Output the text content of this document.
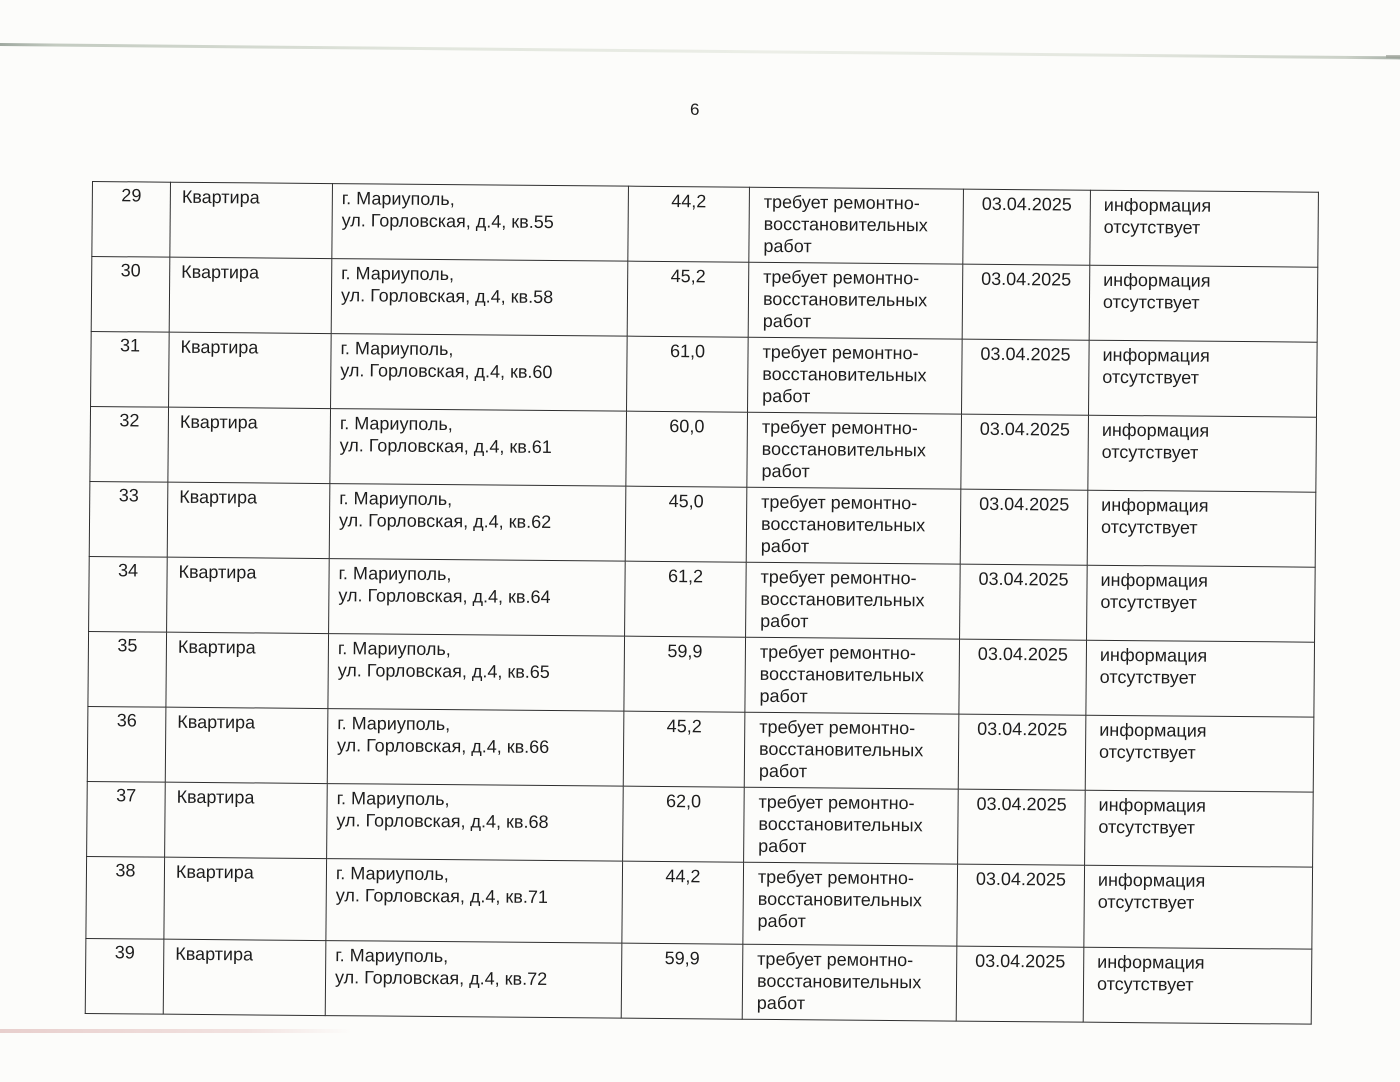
6
29	Квартира	г. Мариуполь,
ул. Горловская, д.4, кв.55	44,2	требует ремонтно-
восстановительных
работ	03.04.2025	информация
отсутствует

30	Квартира	г. Мариуполь,
ул. Горловская, д.4, кв.58	45,2	требует ремонтно-
восстановительных
работ	03.04.2025	информация
отсутствует

31	Квартира	г. Мариуполь,
ул. Горловская, д.4, кв.60	61,0	требует ремонтно-
восстановительных
работ	03.04.2025	информация
отсутствует

32	Квартира	г. Мариуполь,
ул. Горловская, д.4, кв.61	60,0	требует ремонтно-
восстановительных
работ	03.04.2025	информация
отсутствует

33	Квартира	г. Мариуполь,
ул. Горловская, д.4, кв.62	45,0	требует ремонтно-
восстановительных
работ	03.04.2025	информация
отсутствует

34	Квартира	г. Мариуполь,
ул. Горловская, д.4, кв.64	61,2	требует ремонтно-
восстановительных
работ	03.04.2025	информация
отсутствует

35	Квартира	г. Мариуполь,
ул. Горловская, д.4, кв.65	59,9	требует ремонтно-
восстановительных
работ	03.04.2025	информация
отсутствует

36	Квартира	г. Мариуполь,
ул. Горловская, д.4, кв.66	45,2	требует ремонтно-
восстановительных
работ	03.04.2025	информация
отсутствует

37	Квартира	г. Мариуполь,
ул. Горловская, д.4, кв.68	62,0	требует ремонтно-
восстановительных
работ	03.04.2025	информация
отсутствует

38	Квартира	г. Мариуполь,
ул. Горловская, д.4, кв.71	44,2	требует ремонтно-
восстановительных
работ	03.04.2025	информация
отсутствует

39	Квартира	г. Мариуполь,
ул. Горловская, д.4, кв.72	59,9	требует ремонтно-
восстановительных
работ	03.04.2025	информация
отсутствует
